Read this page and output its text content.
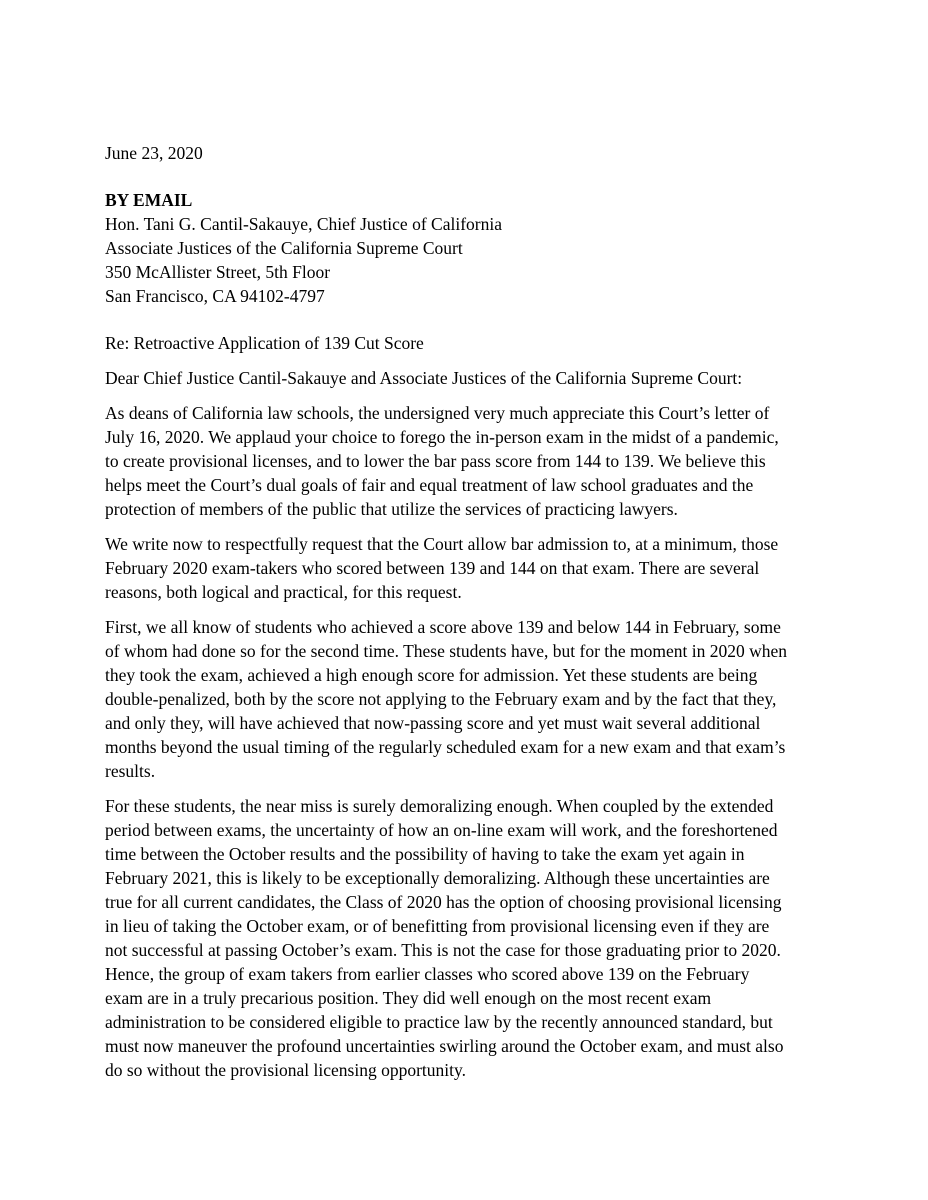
June 23, 2020
BY EMAIL
Hon. Tani G. Cantil-Sakauye, Chief Justice of California
Associate Justices of the California Supreme Court
350 McAllister Street, 5th Floor
San Francisco, CA 94102-4797
Re: Retroactive Application of 139 Cut Score
Dear Chief Justice Cantil-Sakauye and Associate Justices of the California Supreme Court:
As deans of California law schools, the undersigned very much appreciate this Court’s letter of
July 16, 2020. We applaud your choice to forego the in-person exam in the midst of a pandemic,
to create provisional licenses, and to lower the bar pass score from 144 to 139. We believe this
helps meet the Court’s dual goals of fair and equal treatment of law school graduates and the
protection of members of the public that utilize the services of practicing lawyers.
We write now to respectfully request that the Court allow bar admission to, at a minimum, those
February 2020 exam-takers who scored between 139 and 144 on that exam. There are several
reasons, both logical and practical, for this request.
First, we all know of students who achieved a score above 139 and below 144 in February, some
of whom had done so for the second time. These students have, but for the moment in 2020 when
they took the exam, achieved a high enough score for admission. Yet these students are being
double-penalized, both by the score not applying to the February exam and by the fact that they,
and only they, will have achieved that now-passing score and yet must wait several additional
months beyond the usual timing of the regularly scheduled exam for a new exam and that exam’s
results.
For these students, the near miss is surely demoralizing enough. When coupled by the extended
period between exams, the uncertainty of how an on-line exam will work, and the foreshortened
time between the October results and the possibility of having to take the exam yet again in
February 2021, this is likely to be exceptionally demoralizing. Although these uncertainties are
true for all current candidates, the Class of 2020 has the option of choosing provisional licensing
in lieu of taking the October exam, or of benefitting from provisional licensing even if they are
not successful at passing October’s exam. This is not the case for those graduating prior to 2020.
Hence, the group of exam takers from earlier classes who scored above 139 on the February
exam are in a truly precarious position. They did well enough on the most recent exam
administration to be considered eligible to practice law by the recently announced standard, but
must now maneuver the profound uncertainties swirling around the October exam, and must also
do so without the provisional licensing opportunity.
